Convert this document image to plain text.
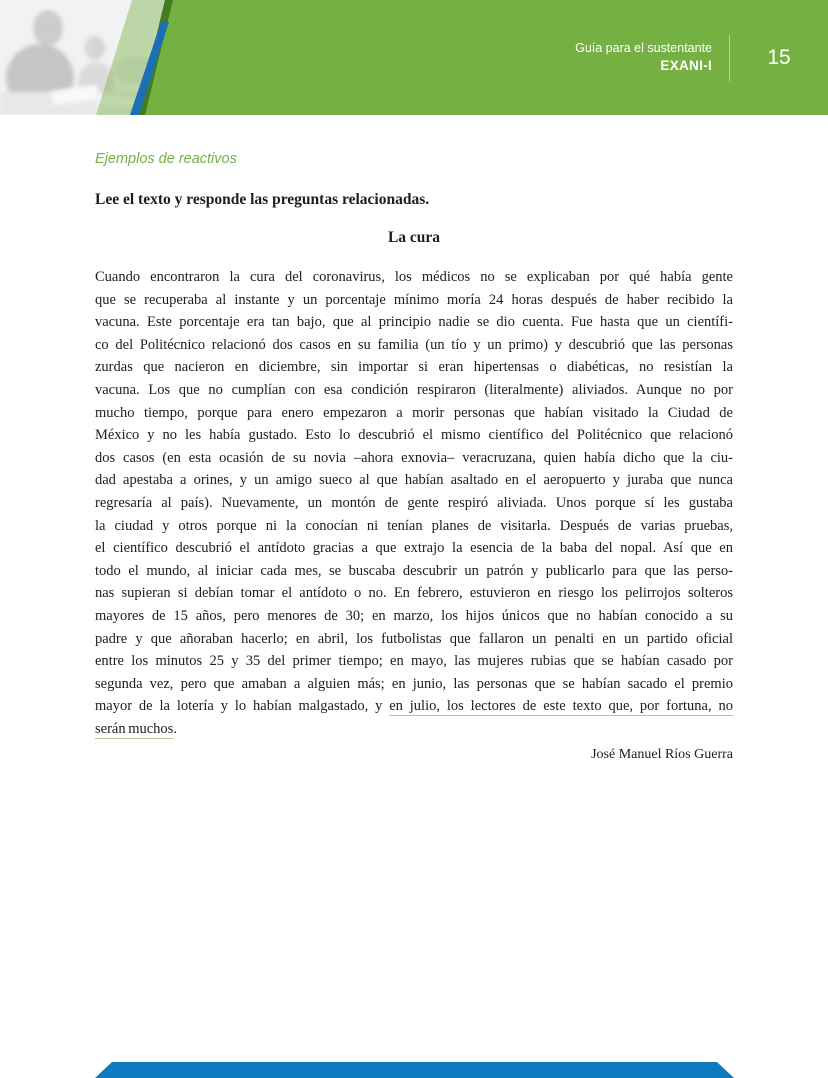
Guía para el sustentante
EXANI-I	15
Ejemplos de reactivos
Lee el texto y responde las preguntas relacionadas.
La cura
Cuando encontraron la cura del coronavirus, los médicos no se explicaban por qué había gente
que se recuperaba al instante y un porcentaje mínimo moría 24 horas después de haber recibido la
vacuna. Este porcentaje era tan bajo, que al principio nadie se dio cuenta. Fue hasta que un científi-
co del Politécnico relacionó dos casos en su familia (un tío y un primo) y descubrió que las personas
zurdas que nacieron en diciembre, sin importar si eran hipertensas o diabéticas, no resistían la
vacuna. Los que no cumplían con esa condición respiraron (literalmente) aliviados. Aunque no por
mucho tiempo, porque para enero empezaron a morir personas que habían visitado la Ciudad de
México y no les había gustado. Esto lo descubrió el mismo científico del Politécnico que relacionó
dos casos (en esta ocasión de su novia –ahora exnovia– veracruzana, quien había dicho que la ciu-
dad apestaba a orines, y un amigo sueco al que habían asaltado en el aeropuerto y juraba que nunca
regresaría al país). Nuevamente, un montón de gente respiró aliviada. Unos porque sí les gustaba
la ciudad y otros porque ni la conocían ni tenían planes de visitarla. Después de varias pruebas,
el científico descubrió el antídoto gracias a que extrajo la esencia de la baba del nopal. Así que en
todo el mundo, al iniciar cada mes, se buscaba descubrir un patrón y publicarlo para que las perso-
nas supieran si debían tomar el antídoto o no. En febrero, estuvieron en riesgo los pelirrojos solteros
mayores de 15 años, pero menores de 30; en marzo, los hijos únicos que no habían conocido a su
padre y que añoraban hacerlo; en abril, los futbolistas que fallaron un penalti en un partido oficial
entre los minutos 25 y 35 del primer tiempo; en mayo, las mujeres rubias que se habían casado por
segunda vez, pero que amaban a alguien más; en junio, las personas que se habían sacado el premio
mayor de la lotería y lo habían malgastado, y en julio, los lectores de este texto que, por fortuna, no
serán muchos.
José Manuel Ríos Guerra
